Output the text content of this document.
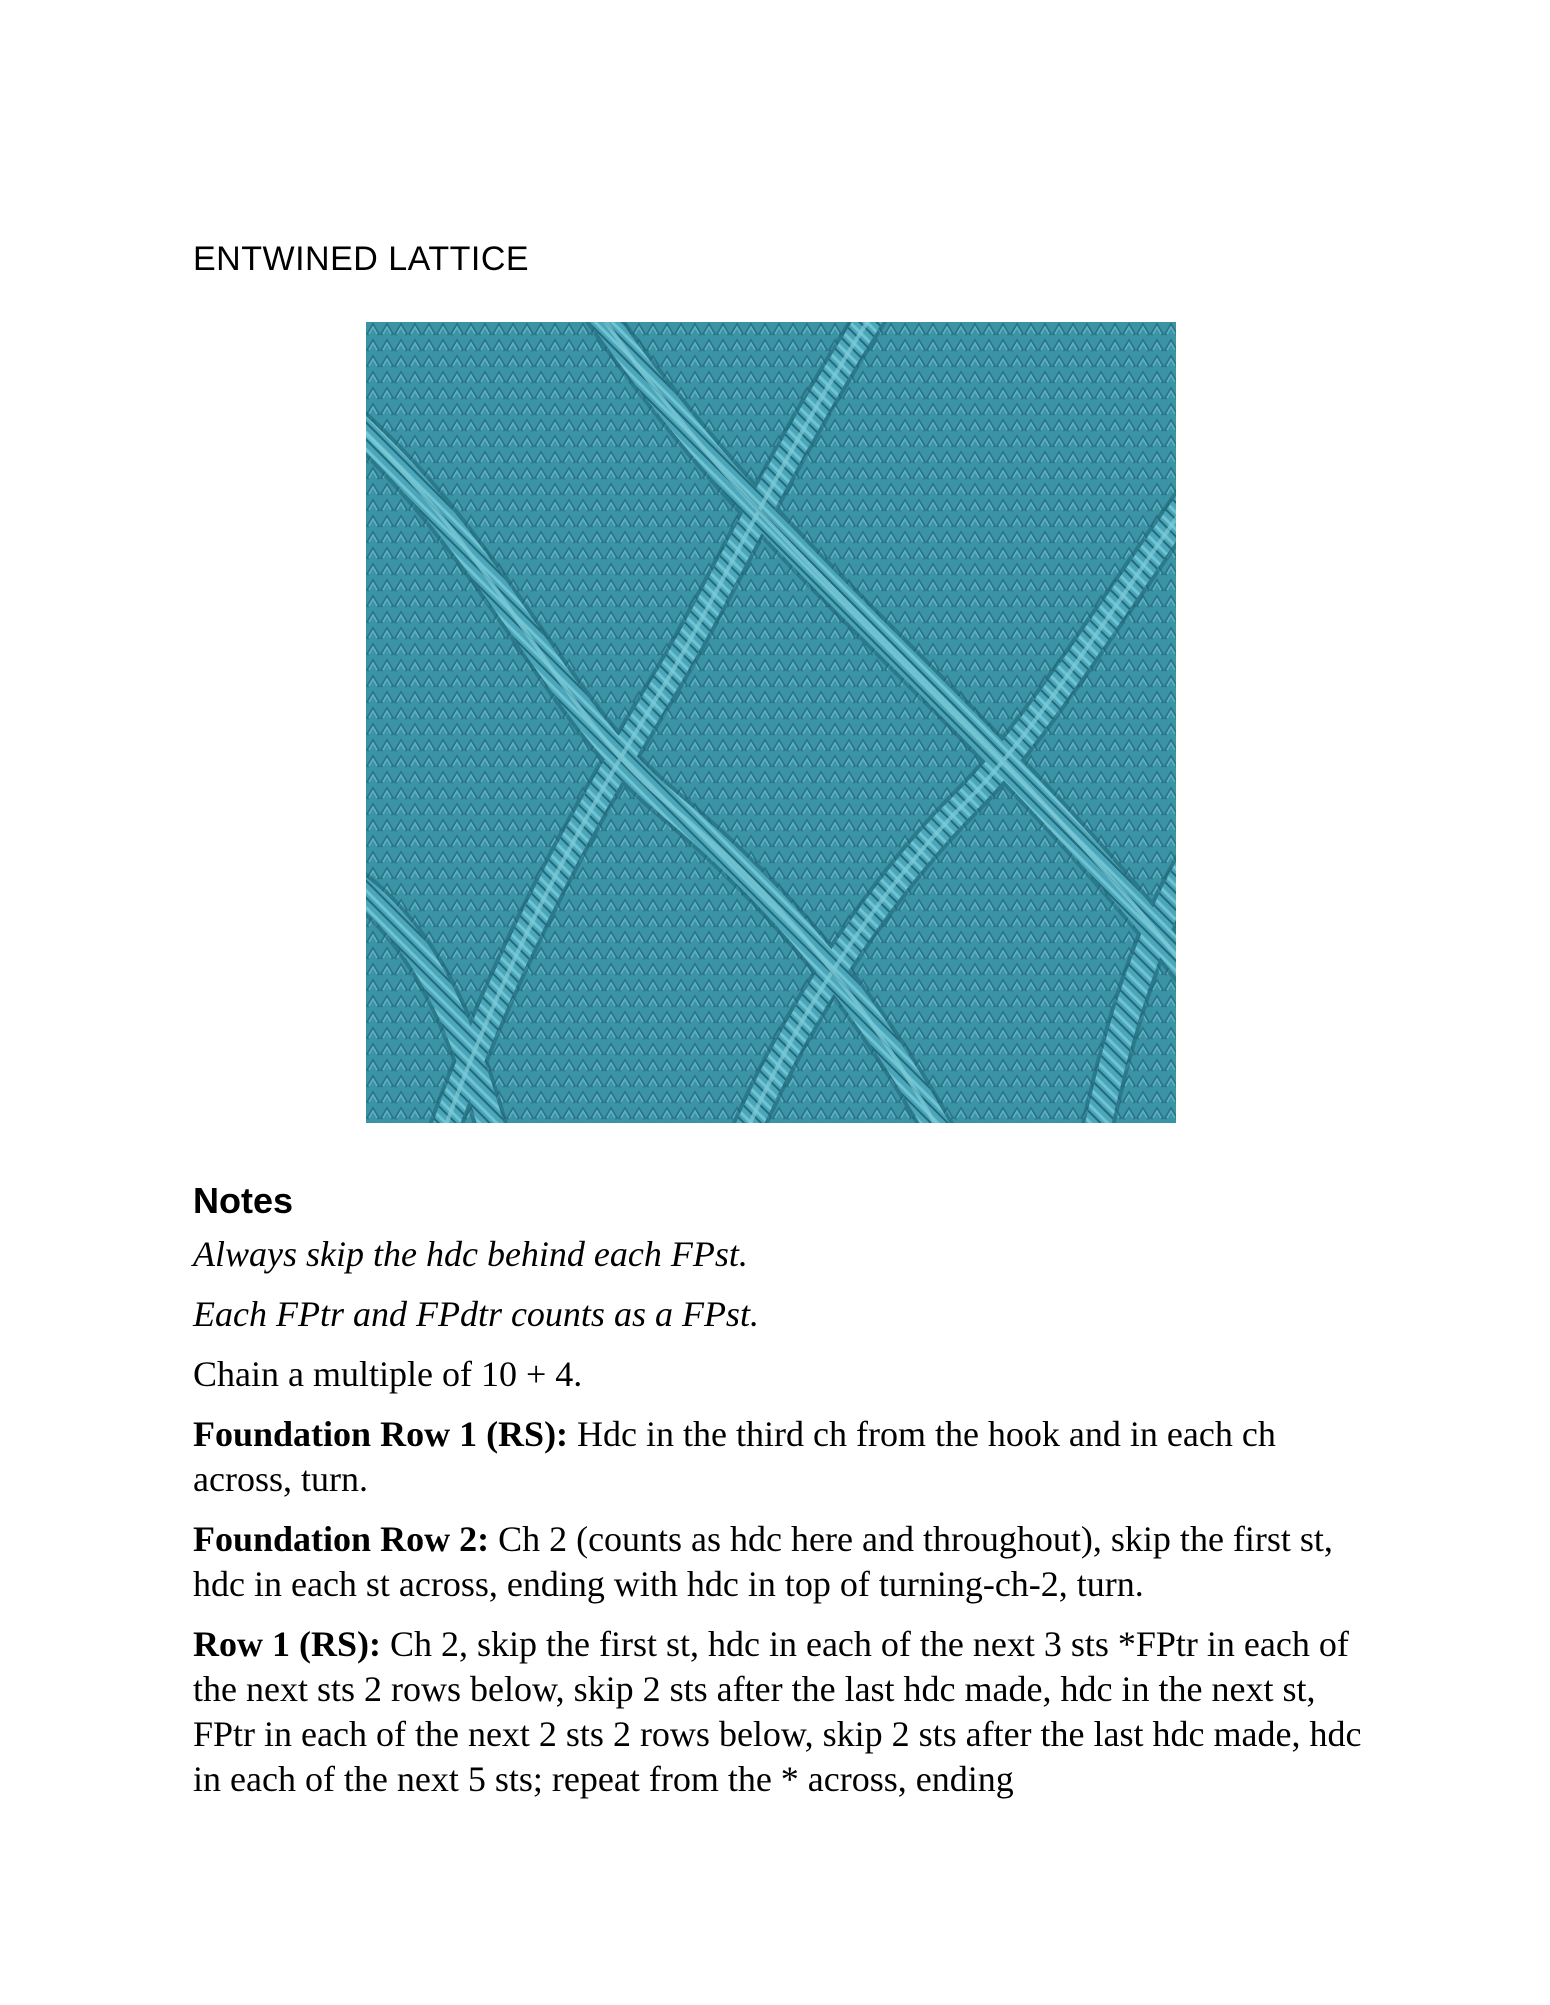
ENTWINED LATTICE
Notes

Always skip the hdc behind each FPst.

Each FPtr and FPdtr counts as a FPst.

Chain a multiple of 10 + 4.

Foundation Row 1 (RS): Hdc in the third ch from the hook and in each ch across, turn.

Foundation Row 2: Ch 2 (counts as hdc here and throughout), skip the first st, hdc in each st across, ending with hdc in top of turning-ch-2, turn.

Row 1 (RS): Ch 2, skip the first st, hdc in each of the next 3 sts *FPtr in each of the next sts 2 rows below, skip 2 sts after the last hdc made, hdc in the next st, FPtr in each of the next 2 sts 2 rows below, skip 2 sts after the last hdc made, hdc in each of the next 5 sts; repeat from the * across, ending
